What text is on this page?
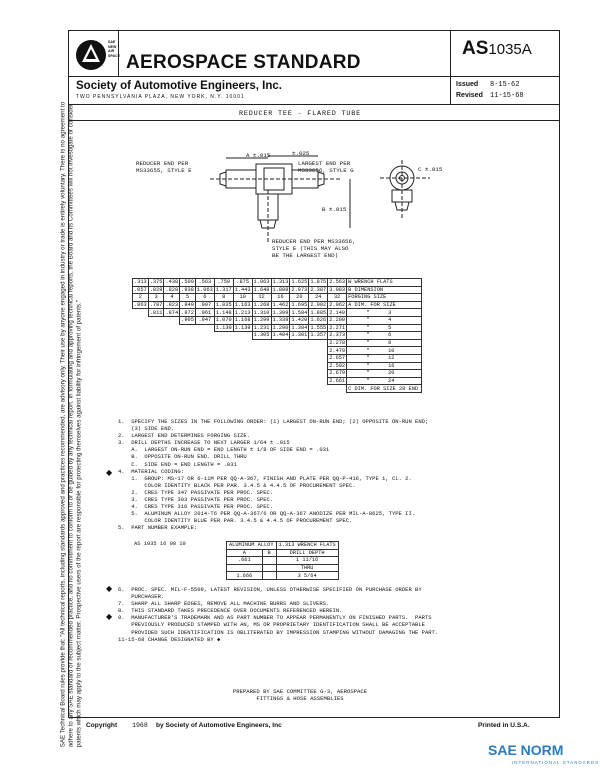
SAE Technical Board rules provide that: "All technical reports, including standards approved and practices recommended, are advisory only. Their use by anyone engaged in industry or trade is entirely voluntary. There is no agreement to adhere to any SAE standard or recommended practice, and no commitment to conform to or be guided by any technical report. In formulating and approving technical reports, the Board and its Committees will not investigate or consider patents which may apply to the subject matter. Prospective users of the report are responsible for protecting themselves against liability for infringement of patents."
SAE NEW AIR SPACE AEROSPACE STANDARD
AS1035A
Society of Automotive Engineers, Inc.
TWO PENNSYLVANIA PLAZA, NEW YORK, N.Y. 10001
Issued 8-15-62
Revised 11-15-68
REDUCER TEE - FLARED TUBE
REDUCER END PER
MS33655, STYLE E
LARGEST END PER
MS33656, STYLE G
REDUCER END PER MS33656,
STYLE E (THIS MAY ALSO
BE THE LARGEST END)
A ±.015	±.025
B ±.015
C ±.015
.313	.375	.438	.500	.563	.750	.875	1.063	1.313	1.625	1.875	2.563	W WRENCH FLATS
.057	.828	.828	.938	1.063	1.317	1.443	1.648	1.888	2.073	2.387	3.083	B DIMENSION
2	3	4	5	6	8	10	12	16	20	24	32	FORGING SIZE
.863	.787	.823	.849	.907	1.035	1.163	1.268	1.462	1.695	2.002	2.062	A DIM. FOR SIZE
	.811	.874	.872	.961	1.148	1.213	1.310	1.399	1.584	1.885	2.140	" 3
			.905	.947	1.070	1.168	1.299	1.338	1.420	1.626	2.200	" 4
					1.130	1.139	1.231	1.290	1.384	1.555	2.271	" 5
							1.305	1.404	1.301	1.357	2.373	" 6
											2.278	" 8
											2.479	" 10
											2.657	" 12
											2.592	" 16
											2.679	" 20
											2.661	" 24
												C DIM. FOR SIZE 28 END
1.  SPECIFY THE SIZES IN THE FOLLOWING ORDER: (1) LARGEST ON-RUN END; (2) OPPOSITE ON-RUN END;
(3) SIDE END.
2.  LARGEST END DETERMINES FORGING SIZE.
3.  DRILL DEPTHS INCREASE TO NEXT LARGER 1/64 ± .015
A.  LARGEST ON-RUN END = END LENGTH ± 1/8 OF SIDE END = .031
B.  OPPOSITE ON-RUN END. DRILL THRU
C.  SIDE END = END LENGTH = .031
4.  MATERIAL CODING:
1.  GROUP: MS-17 OR 6-11M PER QQ-A-367, FINISH AND PLATE PER QQ-P-416, TYPE 1, CL. 2.
COLOR IDENTITY BLACK PER PAR. 3.4.5 & 4.4.5 OF PROCUREMENT SPEC.
2.  CRES TYPE 347 PASSIVATE PER PROC. SPEC.
3.  CRES TYPE 303 PASSIVATE PER PROC. SPEC.
4.  CRES TYPE 316 PASSIVATE PER PROC. SPEC.
5.  ALUMINUM ALLOY 2014-T6 PER QQ-A-367/6 OR QQ-A-367 ANODIZE PER MIL-A-8625, TYPE II.
COLOR IDENTITY BLUE PER PAR. 3.4.5 & 4.4.5 OF PROCUREMENT SPEC.
5.  PART NUMBER EXAMPLE:
◆
AS 1035 16 08 10	ALUMINUM ALLOY		1.313 WRENCH FLATS
A	B	DRILL DEPTH
.661		1 11/16
		THRU
1.666		3 5/64
6.  PROC. SPEC. MIL-F-5509, LATEST REVISION, UNLESS OTHERWISE SPECIFIED ON PURCHASE ORDER BY
PURCHASER.
7.  SHARP ALL SHARP EDGES, REMOVE ALL MACHINE BURRS AND SLIVERS.
8.  THIS STANDARD TAKES PRECEDENCE OVER DOCUMENTS REFERENCED HEREIN.
9.  MANUFACTURER'S TRADEMARK AND AS PART NUMBER TO APPEAR PERMANENTLY ON FINISHED PARTS.  PARTS
PREVIOUSLY PRODUCED STAMPED WITH AN, MS OR PROPRIETARY IDENTIFICATION SHALL BE ACCEPTABLE
PROVIDED SUCH IDENTIFICATION IS OBLITERATED BY IMPRESSION STAMPING WITHOUT DAMAGING THE PART.
11-15-68 CHANGE DESIGNATED BY ◆
◆
◆
PREPARED BY SAE COMMITTEE G-3, AEROSPACE
FITTINGS & HOSE ASSEMBLIES
Copyright 1968 by Society of Automotive Engineers, Inc	Printed in U.S.A.
SAE NORM
INTERNATIONAL STANDARDS
